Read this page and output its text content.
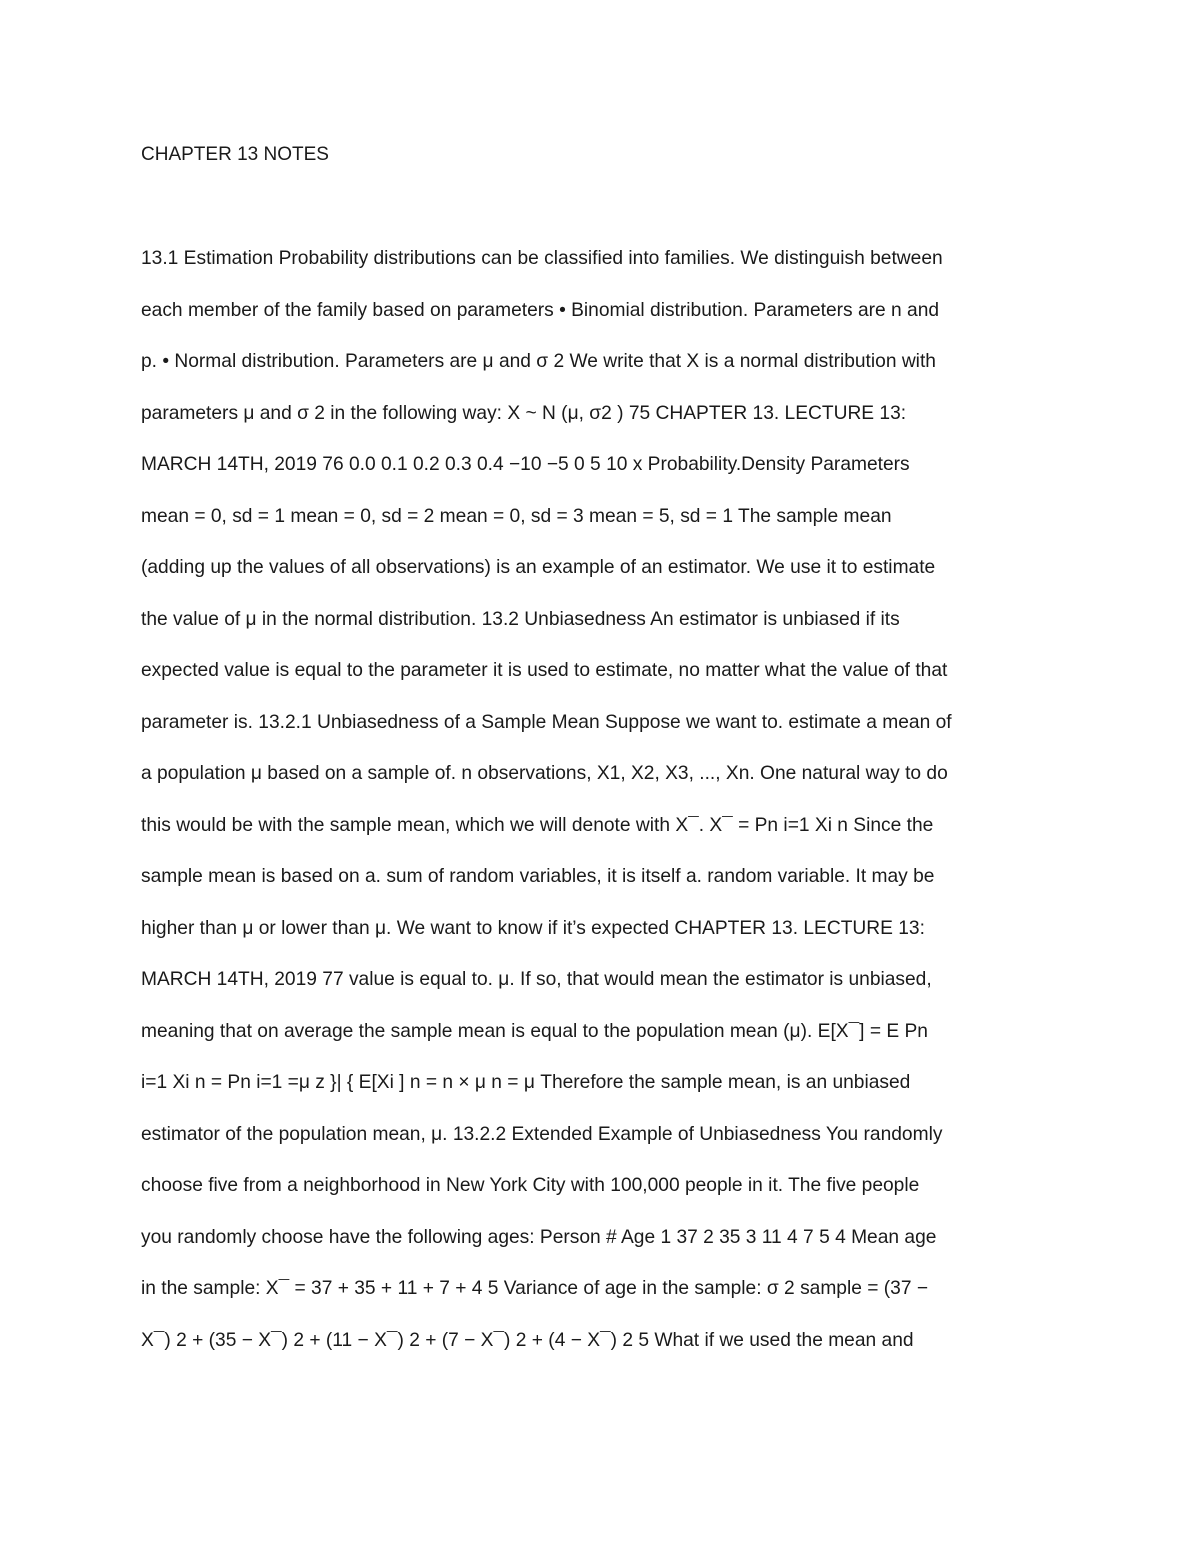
CHAPTER 13 NOTES
13.1 Estimation Probability distributions can be classified into families. We distinguish between
each member of the family based on parameters • Binomial distribution. Parameters are n and
p. • Normal distribution. Parameters are μ and σ 2 We write that X is a normal distribution with
parameters μ and σ 2 in the following way: X ~ N (μ, σ2 ) 75 CHAPTER 13. LECTURE 13:
MARCH 14TH, 2019 76 0.0 0.1 0.2 0.3 0.4 −10 −5 0 5 10 x Probability.Density Parameters
mean = 0, sd = 1 mean = 0, sd = 2 mean = 0, sd = 3 mean = 5, sd = 1 The sample mean
(adding up the values of all observations) is an example of an estimator. We use it to estimate
the value of μ in the normal distribution. 13.2 Unbiasedness An estimator is unbiased if its
expected value is equal to the parameter it is used to estimate, no matter what the value of that
parameter is. 13.2.1 Unbiasedness of a Sample Mean Suppose we want to. estimate a mean of
a population μ based on a sample of. n observations, X1, X2, X3, ..., Xn. One natural way to do
this would be with the sample mean, which we will denote with X¯. X¯ = Pn i=1 Xi n Since the
sample mean is based on a. sum of random variables, it is itself a. random variable. It may be
higher than μ or lower than μ. We want to know if it’s expected CHAPTER 13. LECTURE 13:
MARCH 14TH, 2019 77 value is equal to. μ. If so, that would mean the estimator is unbiased,
meaning that on average the sample mean is equal to the population mean (μ). E[X¯] = E Pn
i=1 Xi n = Pn i=1 =μ z }| { E[Xi ] n = n × μ n = μ Therefore the sample mean, is an unbiased
estimator of the population mean, μ. 13.2.2 Extended Example of Unbiasedness You randomly
choose five from a neighborhood in New York City with 100,000 people in it. The five people
you randomly choose have the following ages: Person # Age 1 37 2 35 3 11 4 7 5 4 Mean age
in the sample: X¯ = 37 + 35 + 11 + 7 + 4 5 Variance of age in the sample: σ 2 sample = (37 −
X¯) 2 + (35 − X¯) 2 + (11 − X¯) 2 + (7 − X¯) 2 + (4 − X¯) 2 5 What if we used the mean and
